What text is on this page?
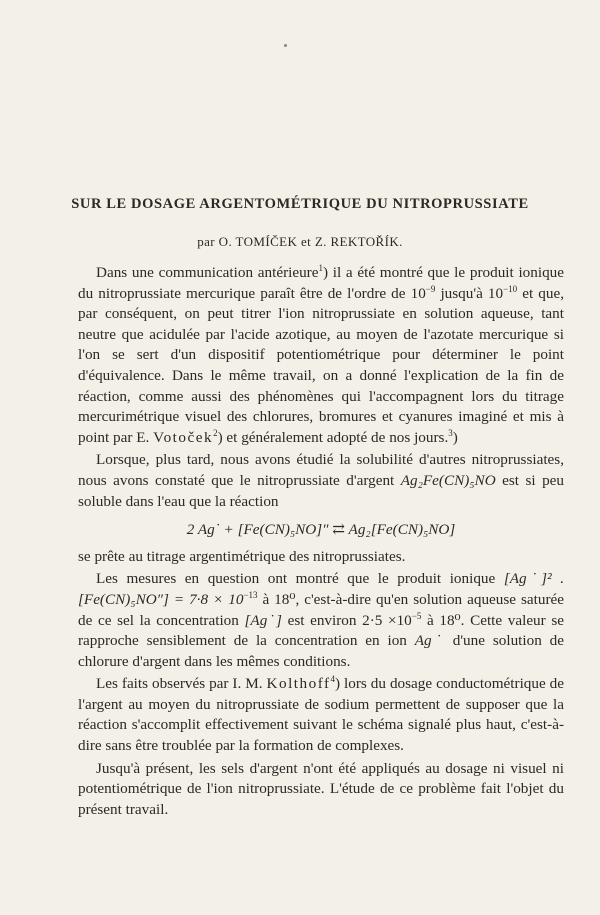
SUR LE DOSAGE ARGENTOMÉTRIQUE DU NITROPRUSSIATE
par O. TOMÍČEK et Z. REKTOŘÍK.

Dans une communication antérieure$^1$) il a été montré que le produit ionique du nitroprussiate mercurique paraît être de l'ordre de $10^{-9}$ jusqu'à $10^{-10}$ et que, par conséquent, on peut titrer l'ion nitroprussiate en solution aqueuse, tant neutre que acidulée par l'acide azotique, au moyen de l'azotate mercurique si l'on se sert d'un dispositif potentiométrique pour déterminer le point d'équivalence. Dans le même travail, on a donné l'explication de la fin de réaction, comme aussi des phénomènes qui l'accompagnent lors du titrage mercurimétrique visuel des chlorures, bromures et cyanures imaginé et mis à point par E. Votoček$^2$) et généralement adopté de nos jours.$^3$)

Lorsque, plus tard, nous avons étudié la solubilité d'autres nitroprussiates, nous avons constaté que le nitroprussiate d'argent Ag₂Fe(CN)₅NO est si peu soluble dans l'eau que la réaction

2 Ag˙ + [Fe(CN)₅NO]″ ⇄ Ag₂[Fe(CN)₅NO]

se prête au titrage argentimétrique des nitroprussiates.

Les mesures en question ont montré que le produit ionique [Ag˙]² . $[Fe(CN)_5NO''] = 7\cdot 8 \times 10^{-13}$ à 18⁰, c'est-à-dire qu'en solution aqueuse saturée de ce sel la concentration [Ag˙] est environ $2\cdot 5 \times 10^{-5}$ à 18⁰. Cette valeur se rapproche sensiblement de la concentration en ion Ag˙ d'une solution de chlorure d'argent dans les mêmes conditions.

Les faits observés par I. M. Kolthoff$^4$) lors du dosage conductométrique de l'argent au moyen du nitroprussiate de sodium permettent de supposer que la réaction s'accomplit effectivement suivant le schéma signalé plus haut, c'est-à-dire sans être troublée par la formation de complexes.

Jusqu'à présent, les sels d'argent n'ont été appliqués au dosage ni visuel ni potentiométrique de l'ion nitroprussiate. L'étude de ce problème fait l'objet du présent travail.
